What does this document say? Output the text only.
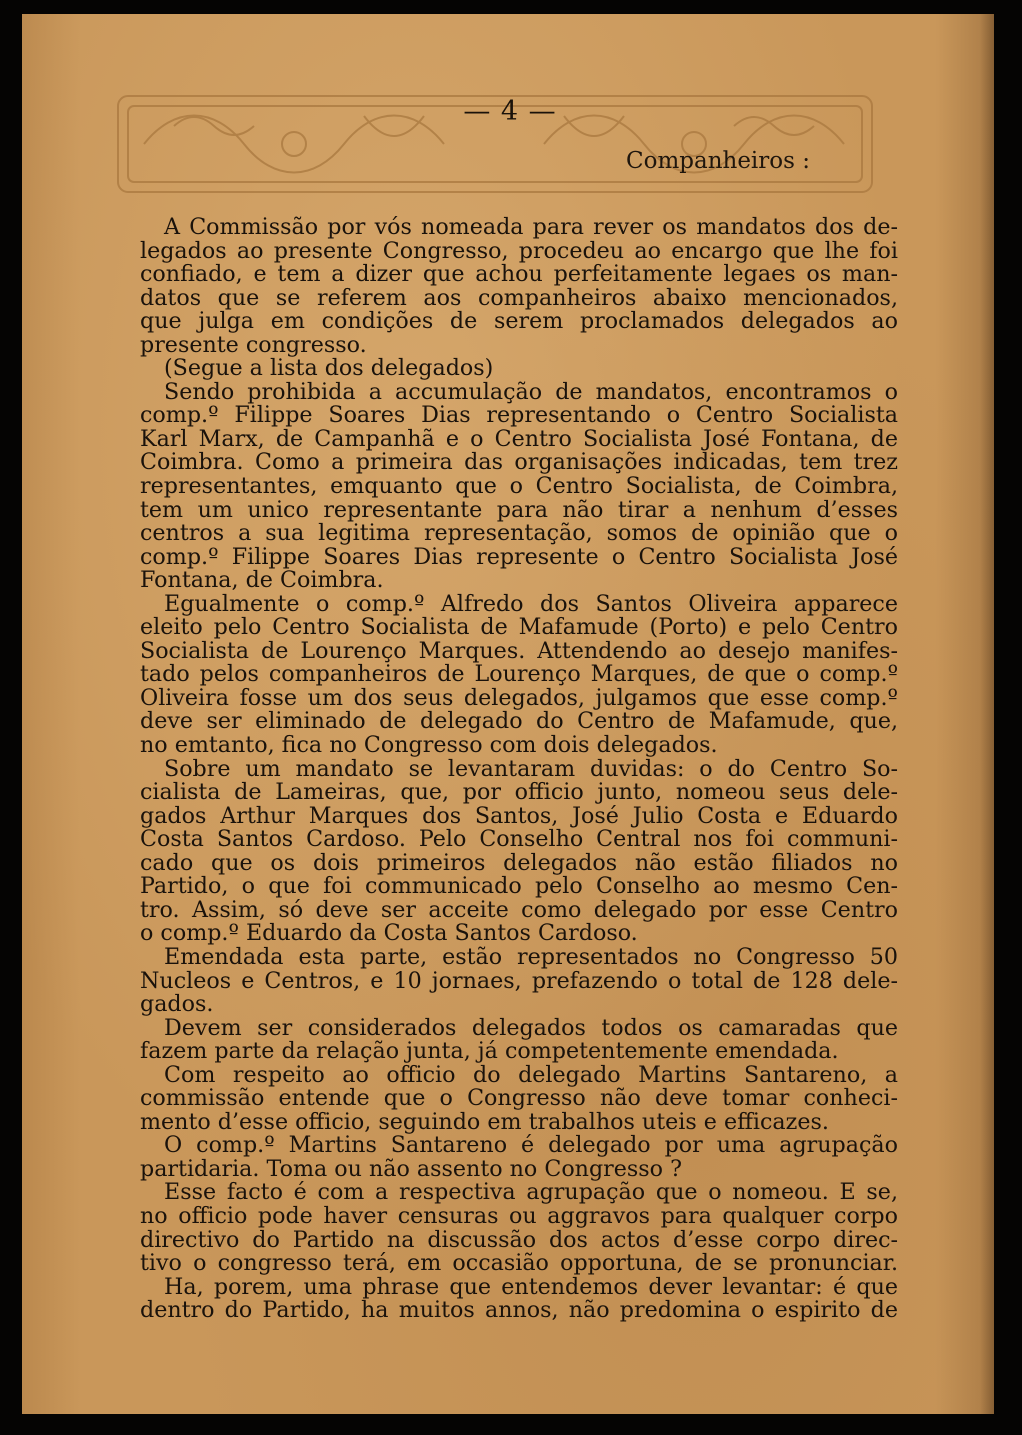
— 4 —
Companheiros :
A Commissão por vós nomeada para rever os mandatos dos de-
legados ao presente Congresso, procedeu ao encargo que lhe foi
confiado, e tem a dizer que achou perfeitamente legaes os man-
datos que se referem aos companheiros abaixo mencionados,
que julga em condições de serem proclamados delegados ao
presente congresso.
(Segue a lista dos delegados)
Sendo prohibida a accumulação de mandatos, encontramos o
comp.º Filippe Soares Dias representando o Centro Socialista
Karl Marx, de Campanhã e o Centro Socialista José Fontana, de
Coimbra. Como a primeira das organisações indicadas, tem trez
representantes, emquanto que o Centro Socialista, de Coimbra,
tem um unico representante para não tirar a nenhum d’esses
centros a sua legitima representação, somos de opinião que o
comp.º Filippe Soares Dias represente o Centro Socialista José
Fontana, de Coimbra.
Egualmente o comp.º Alfredo dos Santos Oliveira apparece
eleito pelo Centro Socialista de Mafamude (Porto) e pelo Centro
Socialista de Lourenço Marques. Attendendo ao desejo manifes-
tado pelos companheiros de Lourenço Marques, de que o comp.º
Oliveira fosse um dos seus delegados, julgamos que esse comp.º
deve ser eliminado de delegado do Centro de Mafamude, que,
no emtanto, fica no Congresso com dois delegados.
Sobre um mandato se levantaram duvidas: o do Centro So-
cialista de Lameiras, que, por officio junto, nomeou seus dele-
gados Arthur Marques dos Santos, José Julio Costa e Eduardo
Costa Santos Cardoso. Pelo Conselho Central nos foi communi-
cado que os dois primeiros delegados não estão filiados no
Partido, o que foi communicado pelo Conselho ao mesmo Cen-
tro. Assim, só deve ser acceite como delegado por esse Centro
o comp.º Eduardo da Costa Santos Cardoso.
Emendada esta parte, estão representados no Congresso 50
Nucleos e Centros, e 10 jornaes, prefazendo o total de 128 dele-
gados.
Devem ser considerados delegados todos os camaradas que
fazem parte da relação junta, já competentemente emendada.
Com respeito ao officio do delegado Martins Santareno, a
commissão entende que o Congresso não deve tomar conheci-
mento d’esse officio, seguindo em trabalhos uteis e efficazes.
O comp.º Martins Santareno é delegado por uma agrupação
partidaria. Toma ou não assento no Congresso ?
Esse facto é com a respectiva agrupação que o nomeou. E se,
no officio pode haver censuras ou aggravos para qualquer corpo
directivo do Partido na discussão dos actos d’esse corpo direc-
tivo o congresso terá, em occasião opportuna, de se pronunciar.
Ha, porem, uma phrase que entendemos dever levantar: é que
dentro do Partido, ha muitos annos, não predomina o espirito de
